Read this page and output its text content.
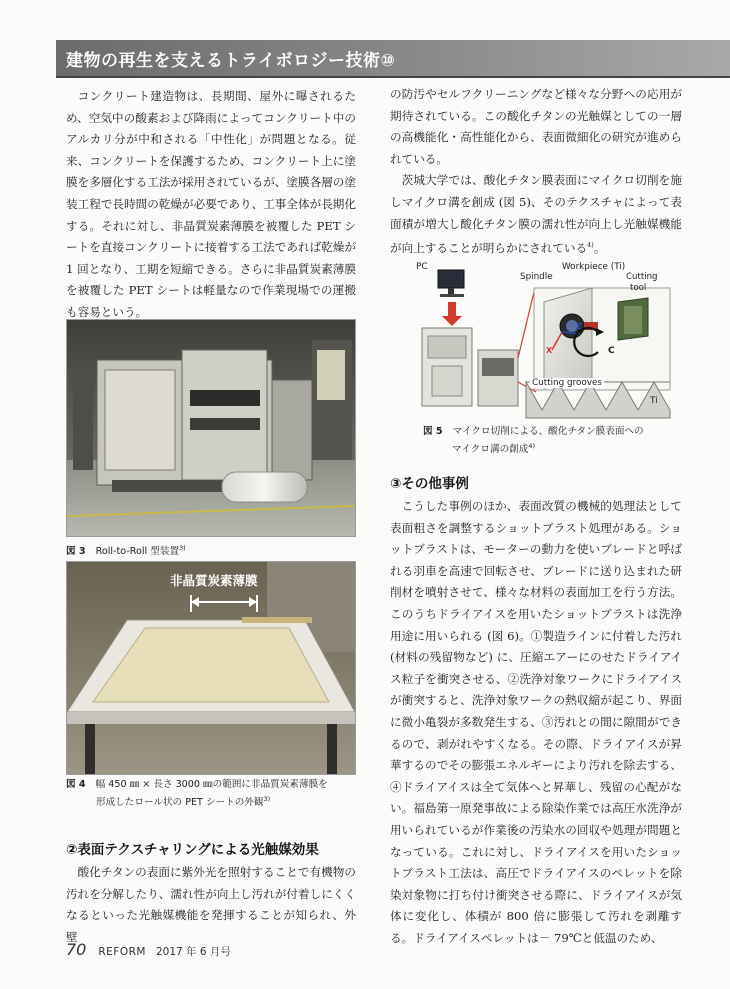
建物の再生を支えるトライボロジー技術⑩
コンクリート建造物は、長期間、屋外に曝されるため、空気中の酸素および降雨によってコンクリート中のアルカリ分が中和される「中性化」が問題となる。従来、コンクリートを保護するため、コンクリート上に塗膜を多層化する工法が採用されているが、塗膜各層の塗装工程で長時間の乾燥が必要であり、工事全体が長期化する。それに対し、非晶質炭素薄膜を被覆した PET シートを直接コンクリートに接着する工法であれば乾燥が 1 回となり、工期を短縮できる。さらに非晶質炭素薄膜を被覆した PET シートは軽量なので作業現場での運搬も容易という。
図 3 Roll-to-Roll 型装置$^{3)}$
非晶質炭素薄膜
図 4 幅 450 ㎜ × 長さ 3000 ㎜の範囲に非晶質炭素薄膜を
形成したロール状の PET シートの外観$^{3)}$
②表面テクスチャリングによる光触媒効果
酸化チタンの表面に紫外光を照射することで有機物の汚れを分解したり、濡れ性が向上し汚れが付着しにくくなるといった光触媒機能を発揮することが知られ、外壁
の防汚やセルフクリーニングなど様々な分野への応用が期待されている。この酸化チタンの光触媒としての一層の高機能化・高性能化から、表面微細化の研究が進められている。
茨城大学では、酸化チタン膜表面にマイクロ切削を施しマイクロ溝を創成 (図 5)、そのテクスチャによって表面積が増大し酸化チタン膜の濡れ性が向上し光触媒機能が向上することが明らかにされている$^{4)}$。
PC
Spindle
Workpiece (Ti)
Cutting
tool
X
Z
C
Cutting grooves
Ti
図 5 マイクロ切削による、酸化チタン膜表面への
マイクロ溝の創成$^{4)}$
③その他事例
こうした事例のほか、表面改質の機械的処理法として表面粗さを調整するショットブラスト処理がある。ショットブラストは、モーターの動力を使いブレードと呼ばれる羽車を高速で回転させ、ブレードに送り込まれた研削材を噴射させて、様々な材料の表面加工を行う方法。このうちドライアイスを用いたショットブラストは洗浄用途に用いられる (図 6)。①製造ラインに付着した汚れ (材料の残留物など) に、圧縮エアーにのせたドライアイス粒子を衝突させる、②洗浄対象ワークにドライアイスが衝突すると、洗浄対象ワークの熱収縮が起こり、界面に微小亀裂が多数発生する、③汚れとの間に隙間ができるので、剥がれやすくなる。その際、ドライアイスが昇華するのでその膨張エネルギーにより汚れを除去する、④ドライアイスは全て気体へと昇華し、残留の心配がない。福島第一原発事故による除染作業では高圧水洗浄が用いられているが作業後の汚染水の回収や処理が問題となっている。これに対し、ドライアイスを用いたショットブラスト工法は、高圧でドライアイスのペレットを除染対象物に打ち付け衝突させる際に、ドライアイスが気体に変化し、体積が 800 倍に膨張して汚れを剥離する。ドライアイスペレットは－ 79℃と低温のため、
70 REFORM 2017 年 6 月号
